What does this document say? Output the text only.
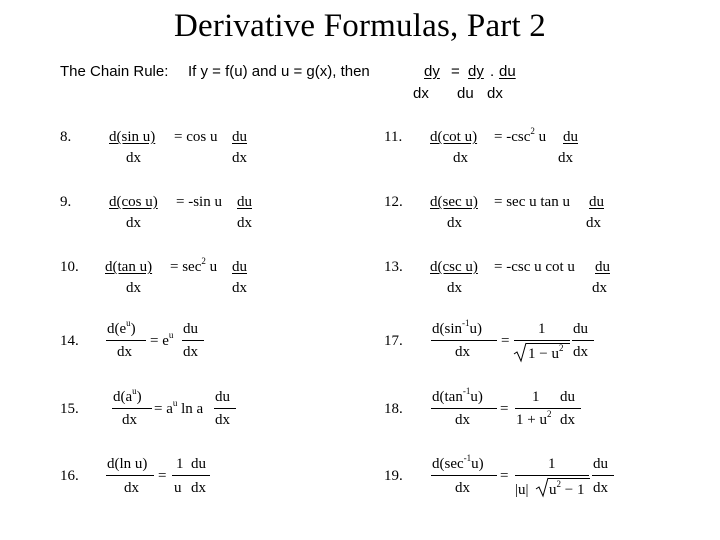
Derivative Formulas, Part 2
The Chain Rule: If y = f(u) and u = g(x), then	dy = dy . du
dx du dx
8.	d(sin u) = cos u du
dx	dx
9.	d(cos u) = -sin u du
dx	dx
10. d(tan $u) = \sec^2 u$ du
dx	dx
11. d(cot $u) = -\csc^2$ u du
dx	dx
12. d(sec u) = sec u tan u du
dx	dx
13. d(csc u) = -csc u cot u du
dx	dx
14.
$d(e^u)$
dx
= $e^u$ du
dx
15.
$d(a^u)$
dx
= $a^u$ ln a
du
dx
16.
d(ln u)
dx
=
1 du
u dx
17.
$d(\sin^{-1}u)$
dx
=
1
$1 - u^2$
du
dx
18.
$d(\tan^{-1}u)$
dx
=
1
$1 + u^2$
du
dx
19.
$d(\sec^{-1}u)$
dx
=
1
|u| $u^2 - 1$
du
dx
